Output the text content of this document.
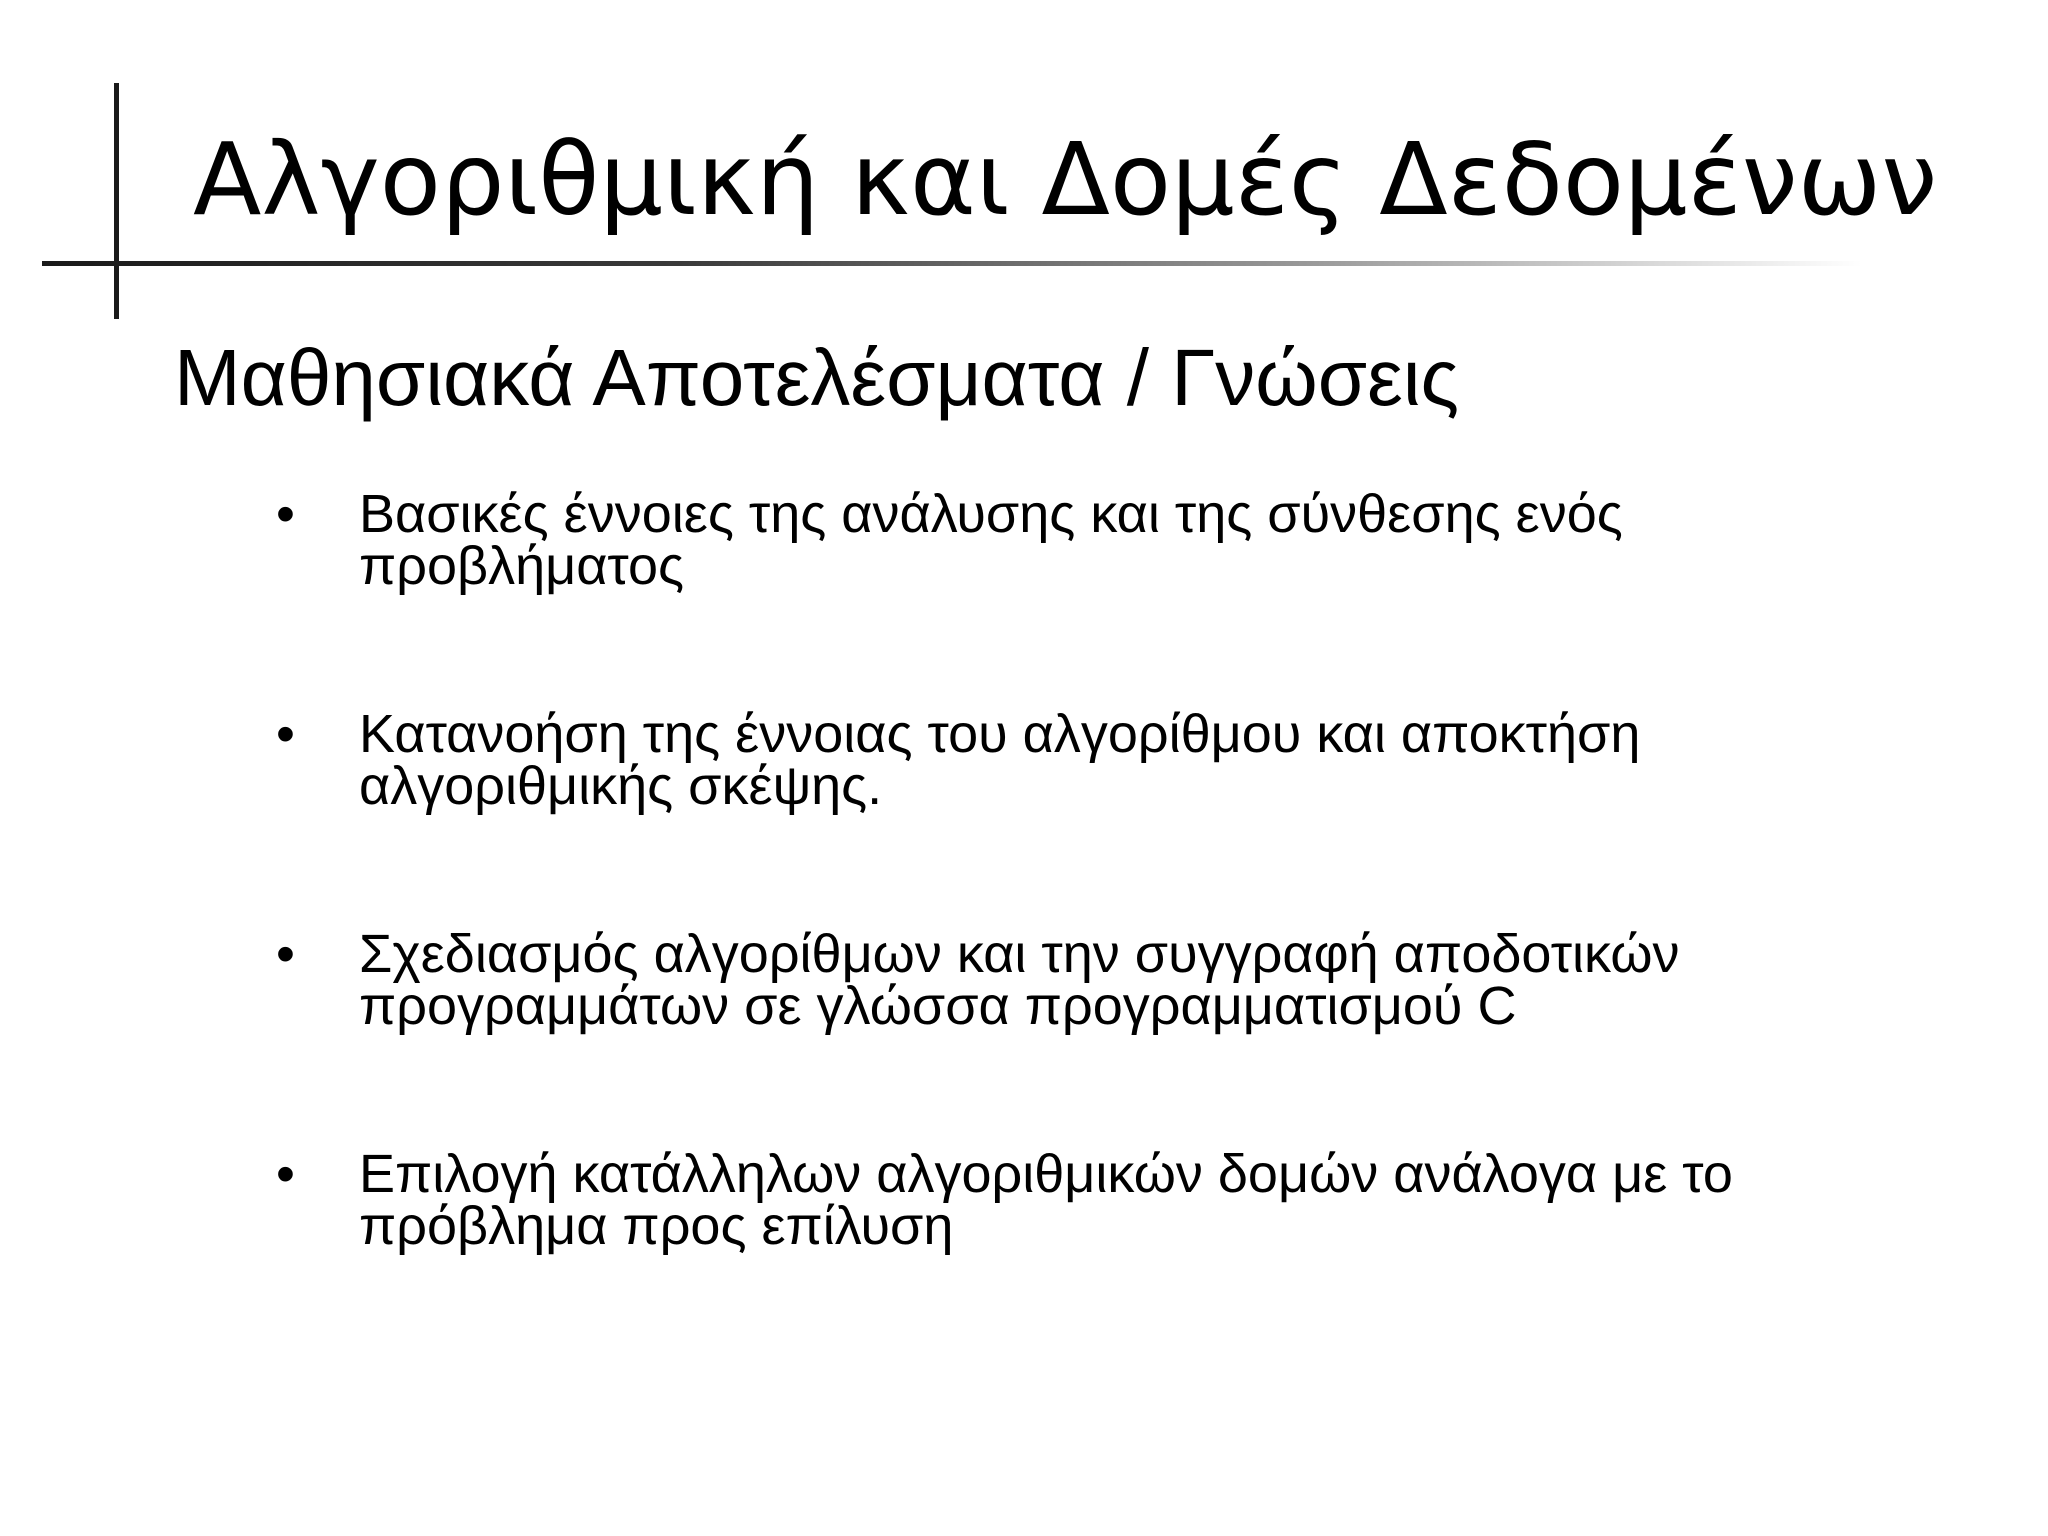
Αλγοριθμική και Δομές Δεδομένων
Μαθησιακά Αποτελέσματα / Γνώσεις
• Βασικές έννοιες της ανάλυσης και της σύνθεσης ενός
προβλήματος
• Κατανοήση της έννοιας του αλγορίθμου και αποκτήση
αλγοριθμικής σκέψης.
• Σχεδιασμός αλγορίθμων και την συγγραφή αποδοτικών
προγραμμάτων σε γλώσσα προγραμματισμού C
• Επιλογή κατάλληλων αλγοριθμικών δομών ανάλογα με το
πρόβλημα προς επίλυση
